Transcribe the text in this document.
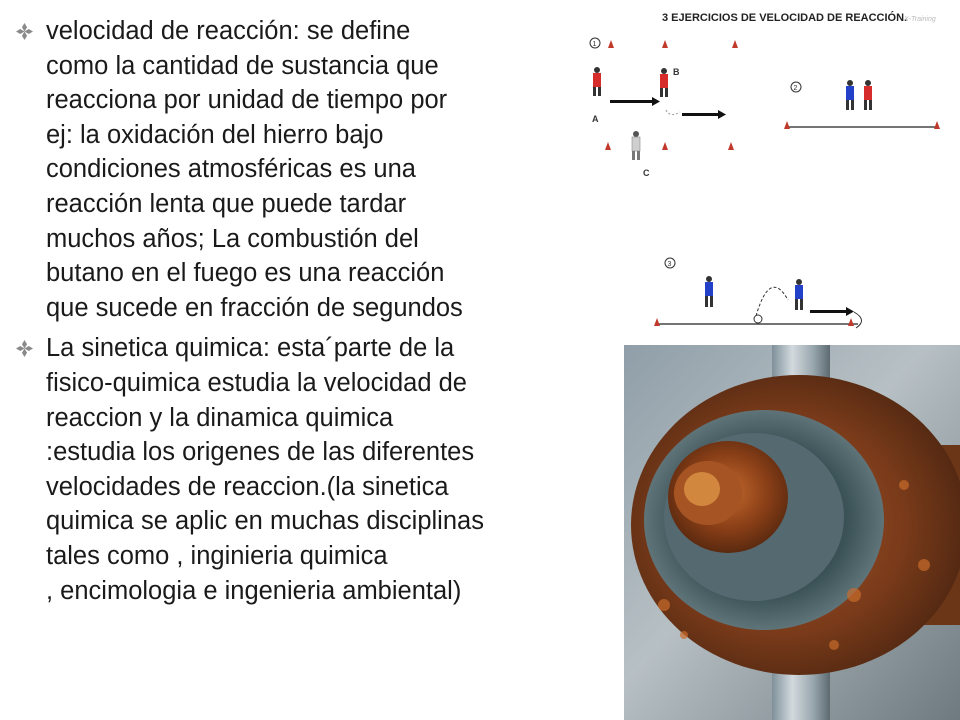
velocidad de reacción: se define
como la cantidad de sustancia que
reacciona por unidad de tiempo por
ej: la oxidación del hierro bajo
condiciones atmosféricas es una
reacción lenta que puede tardar
muchos años; La combustión del
butano en el fuego es una reacción
que sucede en fracción de segundos
La sinetica quimica: esta´parte de la
fisico-quimica estudia la velocidad de
reaccion y la dinamica quimica
:estudia los origenes de las diferentes
velocidades de reaccion.(la sinetica
quimica se aplic en muchas disciplinas
tales como , inginieria quimica
, encimologia e ingenieria ambiental)
3 EJERCICIOS DE VELOCIDAD DE REACCIÓN.
X-Training
1
A
B
C
2
3
